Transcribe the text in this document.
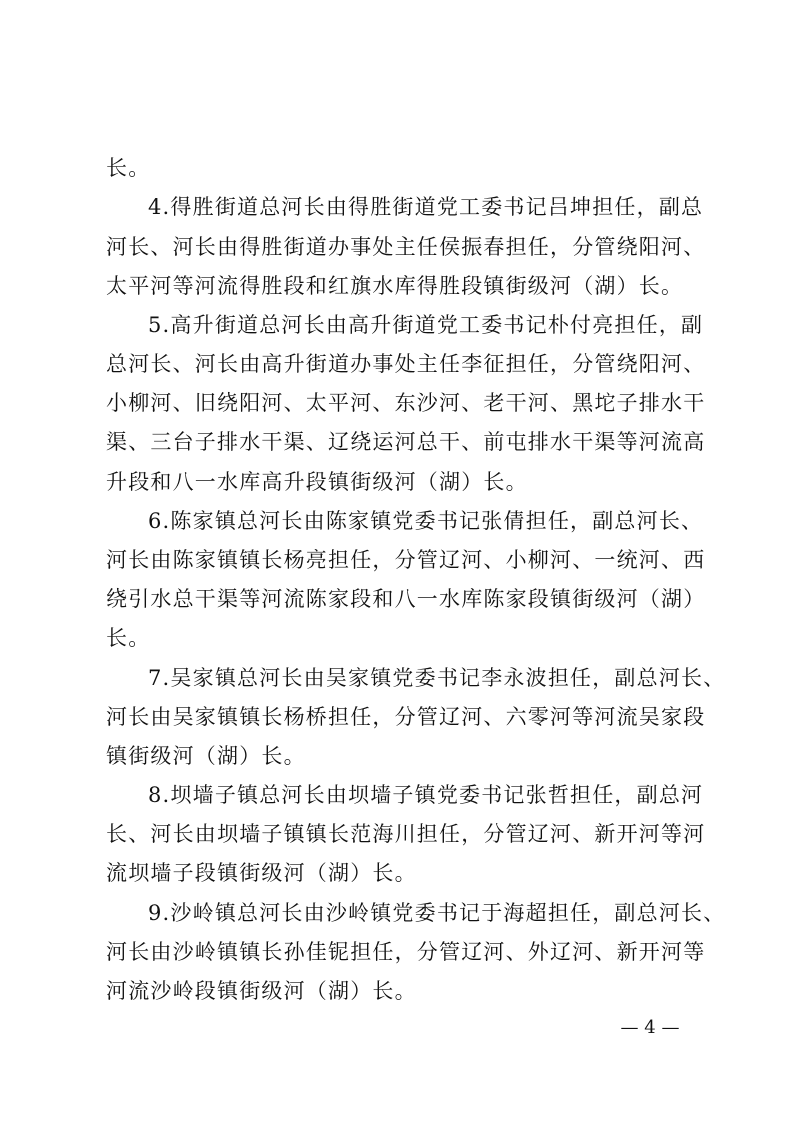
长。
4.得胜街道总河长由得胜街道党工委书记吕坤担任，副总
河长、河长由得胜街道办事处主任侯振春担任，分管绕阳河、
太平河等河流得胜段和红旗水库得胜段镇街级河（湖）长。
5.高升街道总河长由高升街道党工委书记朴付亮担任，副
总河长、河长由高升街道办事处主任李征担任，分管绕阳河、
小柳河、旧绕阳河、太平河、东沙河、老干河、黑坨子排水干
渠、三台子排水干渠、辽绕运河总干、前屯排水干渠等河流高
升段和八一水库高升段镇街级河（湖）长。
6.陈家镇总河长由陈家镇党委书记张倩担任，副总河长、
河长由陈家镇镇长杨亮担任，分管辽河、小柳河、一统河、西
绕引水总干渠等河流陈家段和八一水库陈家段镇街级河（湖）
长。
7.吴家镇总河长由吴家镇党委书记李永波担任，副总河长、
河长由吴家镇镇长杨桥担任，分管辽河、六零河等河流吴家段
镇街级河（湖）长。
8.坝墙子镇总河长由坝墙子镇党委书记张哲担任，副总河
长、河长由坝墙子镇镇长范海川担任，分管辽河、新开河等河
流坝墙子段镇街级河（湖）长。
9.沙岭镇总河长由沙岭镇党委书记于海超担任，副总河长、
河长由沙岭镇镇长孙佳铌担任，分管辽河、外辽河、新开河等
河流沙岭段镇街级河（湖）长。
— 4 —
